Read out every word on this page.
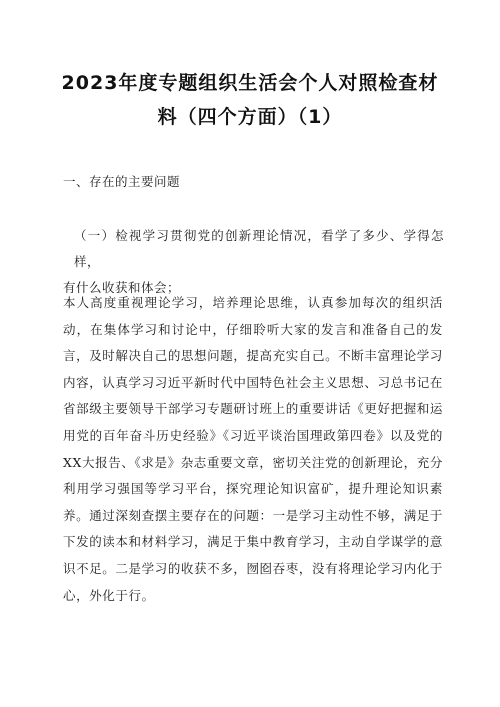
2023年度专题组织生活会个人对照检查材
料（四个方面）（1）
一、存在的主要问题
（一）检视学习贯彻党的创新理论情况，看学了多少、学得怎样，
有什么收获和体会；
本人高度重视理论学习，培养理论思维，认真参加每次的组织活动，在集体学习和讨论中，仔细聆听大家的发言和准备自己的发言，及时解决自己的思想问题，提高充实自己。不断丰富理论学习内容，认真学习习近平新时代中国特色社会主义思想、习总书记在省部级主要领导干部学习专题研讨班上的重要讲话《更好把握和运用党的百年奋斗历史经验》《习近平谈治国理政第四卷》以及党的XX大报告、《求是》杂志重要文章，密切关注党的创新理论，充分利用学习强国等学习平台，探究理论知识富矿，提升理论知识素养。通过深刻查摆主要存在的问题：一是学习主动性不够，满足于下发的读本和材料学习，满足于集中教育学习，主动自学谋学的意识不足。二是学习的收获不多，囫囵吞枣，没有将理论学习内化于心，外化于行。
